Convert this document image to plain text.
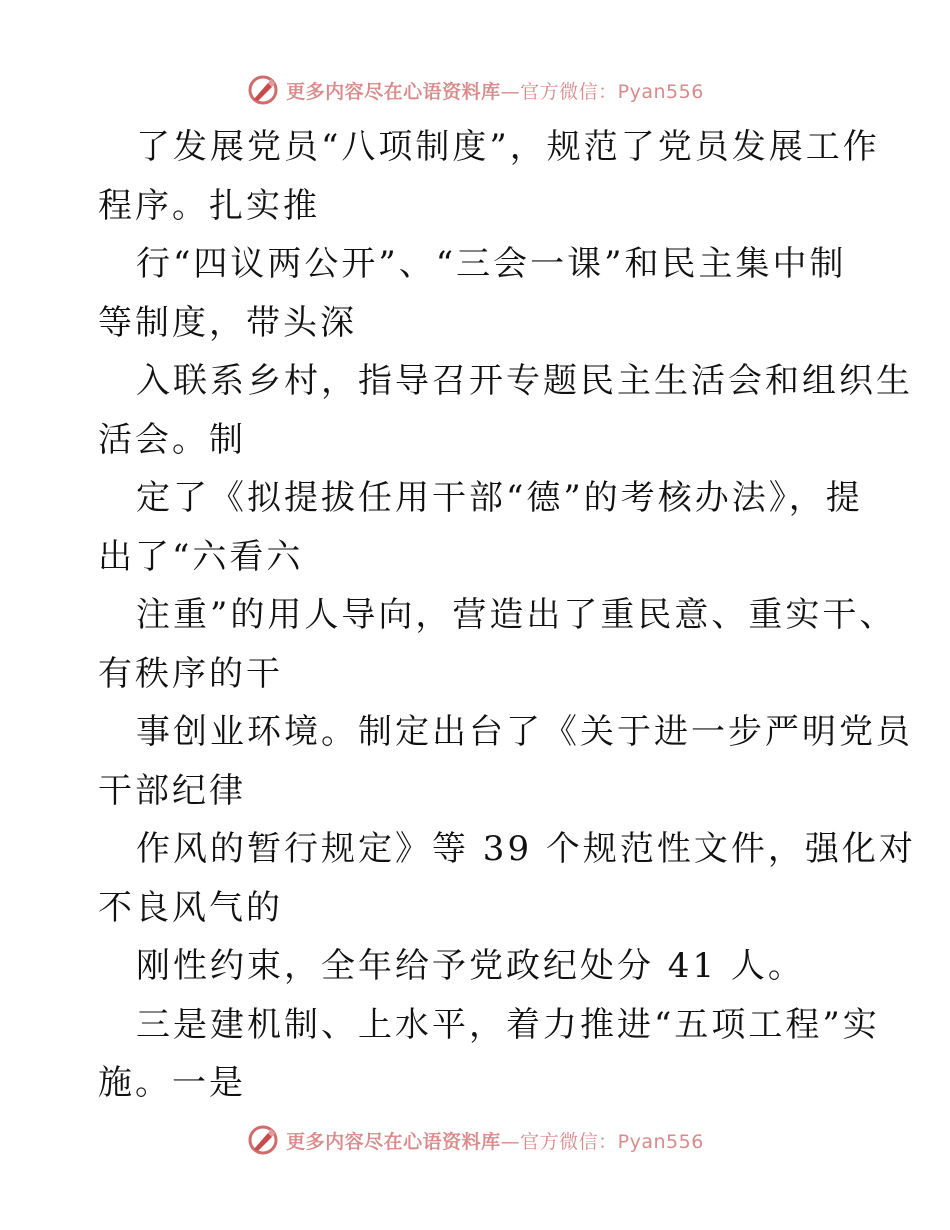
更多内容尽在心语资料库—官方微信：Pyan556
了发展党员“八项制度”，规范了党员发展工作
程序。扎实推
行“四议两公开”、“三会一课”和民主集中制
等制度，带头深
入联系乡村，指导召开专题民主生活会和组织生
活会。制
定了《拟提拔任用干部“德”的考核办法》，提
出了“六看六
注重”的用人导向，营造出了重民意、重实干、
有秩序的干
事创业环境。制定出台了《关于进一步严明党员
干部纪律
作风的暂行规定》等 39 个规范性文件，强化对
不良风气的
刚性约束，全年给予党政纪处分 41 人。
三是建机制、上水平，着力推进“五项工程”实
施。一是
更多内容尽在心语资料库—官方微信：Pyan556
